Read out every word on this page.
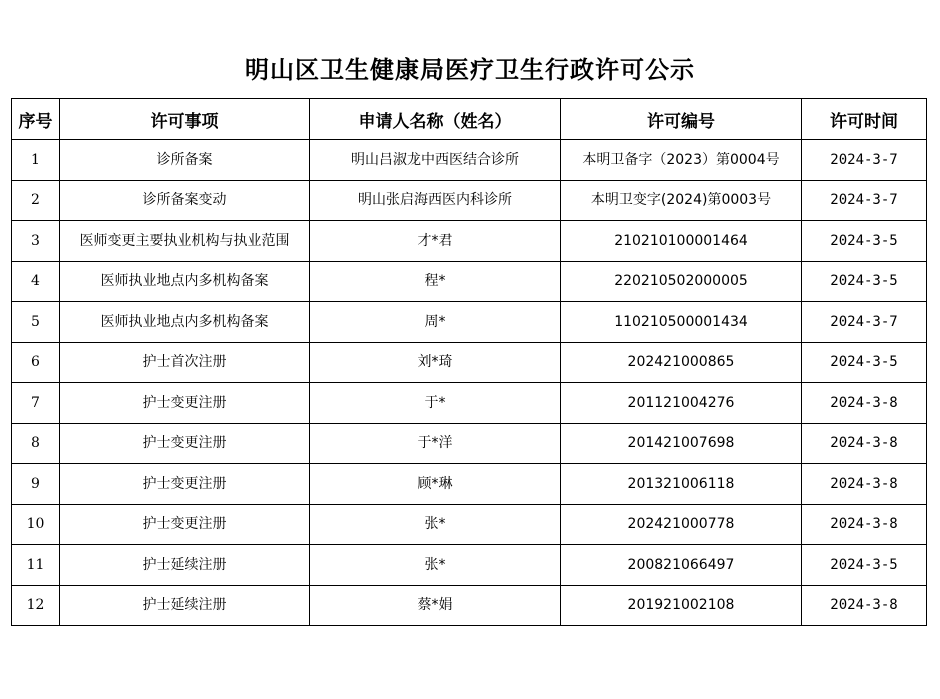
明山区卫生健康局医疗卫生行政许可公示
序号	许可事项	申请人名称（姓名）	许可编号	许可时间
1	诊所备案	明山吕淑龙中西医结合诊所	本明卫备字（2023）第0004号	2024-3-7
2	诊所备案变动	明山张启海西医内科诊所	本明卫变字(2024)第0003号	2024-3-7
3	医师变更主要执业机构与执业范围	才*君	210210100001464	2024-3-5
4	医师执业地点内多机构备案	程*	220210502000005	2024-3-5
5	医师执业地点内多机构备案	周*	110210500001434	2024-3-7
6	护士首次注册	刘*琦	202421000865	2024-3-5
7	护士变更注册	于*	201121004276	2024-3-8
8	护士变更注册	于*洋	201421007698	2024-3-8
9	护士变更注册	顾*琳	201321006118	2024-3-8
10	护士变更注册	张*	202421000778	2024-3-8
11	护士延续注册	张*	200821066497	2024-3-5
12	护士延续注册	蔡*娟	201921002108	2024-3-8
